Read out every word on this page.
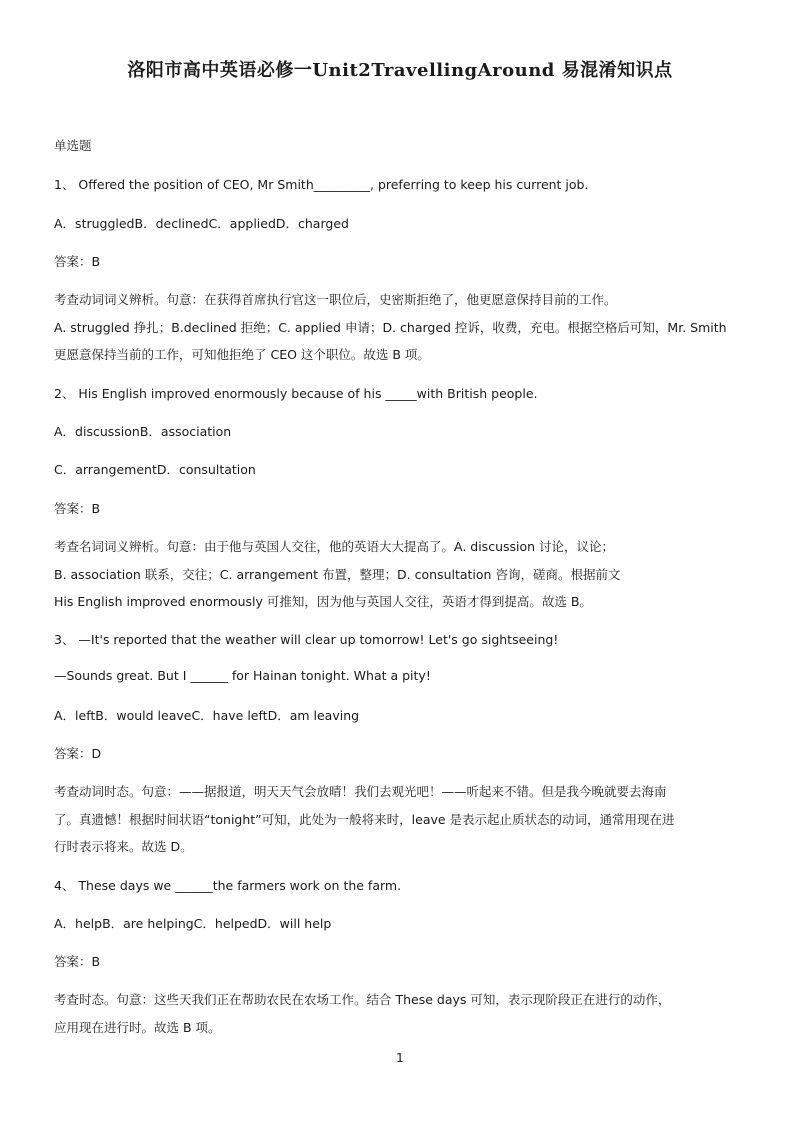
洛阳市高中英语必修一Unit2TravellingAround 易混淆知识点
单选题
1、 Offered the position of CEO, Mr Smith_________, preferring to keep his current job.
A．struggledB．declinedC．appliedD．charged
答案：B
考查动词词义辨析。句意：在获得首席执行官这一职位后，史密斯拒绝了，他更愿意保持目前的工作。
A. struggled 挣扎；B.declined 拒绝；C. applied 申请；D. charged 控诉，收费，充电。根据空格后可知，Mr. Smith
更愿意保持当前的工作，可知他拒绝了 CEO 这个职位。故选 B 项。
2、 His English improved enormously because of his _____with British people.
A．discussionB．association
C．arrangementD．consultation
答案：B
考查名词词义辨析。句意：由于他与英国人交往，他的英语大大提高了。A. discussion 讨论，议论；
B. association 联系，交往；C. arrangement 布置，整理；D. consultation 咨询，磋商。根据前文
His English improved enormously 可推知，因为他与英国人交往，英语才得到提高。故选 B。
3、 —It's reported that the weather will clear up tomorrow! Let's go sightseeing!
—Sounds great. But I ______ for Hainan tonight. What a pity!
A．leftB．would leaveC．have leftD．am leaving
答案：D
考查动词时态。句意：——据报道，明天天气会放晴！我们去观光吧！——听起来不错。但是我今晚就要去海南
了。真遗憾！根据时间状语“tonight”可知，此处为一般将来时，leave 是表示起止质状态的动词，通常用现在进
行时表示将来。故选 D。
4、 These days we ______the farmers work on the farm.
A．helpB．are helpingC．helpedD．will help
答案：B
考查时态。句意：这些天我们正在帮助农民在农场工作。结合 These days 可知，表示现阶段正在进行的动作，
应用现在进行时。故选 B 项。
1
